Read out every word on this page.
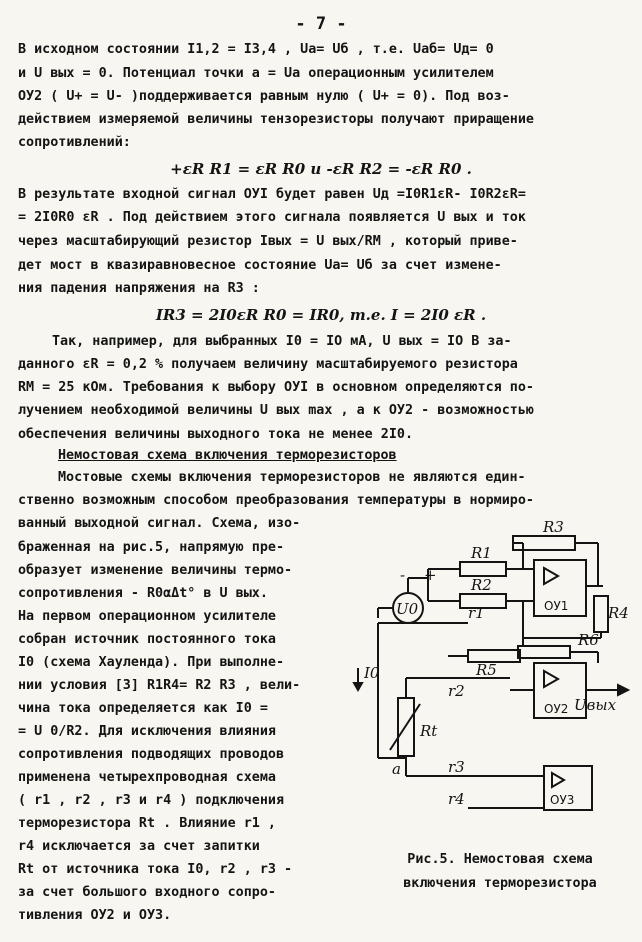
- 7 -
В исходном состоянии I1,2 = I3,4 , Ua= Uб , т.е. Uaб= Uд= 0
и U вых = 0. Потенциал точки a = Ua операционным усилителем
ОУ2 ( U+ = U- )поддерживается равным нулю ( U+ = 0). Под воз-
действием измеряемой величины тензорезисторы получают приращение
сопротивлений:
+εR R1 = εR R0 и -εR R2 = -εR R0 .
В результате входной сигнал ОУI будет равен Uд =I0R1εR- I0R2εR=
= 2I0R0 εR . Под действием этого сигнала появляется U вых и ток
через масштабирующий резистор Iвых = U вых/RM , который приве-
дет мост в квазиравновесное состояние Ua= Uб за счет измене-
ния падения напряжения на R3 :
IR3 = 2I0εR R0 = IR0, т.е. I = 2I0 εR .
Так, например, для выбранных I0 = IO мА, U вых = IO В за-
данного εR = 0,2 % получаем величину масштабируемого резистора
RM = 25 кОм. Требования к выбору ОУI в основном определяются по-
лучением необходимой величины U вых max , а к ОУ2 - возможностью
обеспечения величины выходного тока не менее 2I0.
Немостовая схема включения терморезисторов
Мостовые схемы включения терморезисторов не являются един-
ственно возможным способом преобразования температуры в нормиро-
ванный выходной сигнал. Схема, изо-
браженная на рис.5, напрямую пре-
образует изменение величины термо-
сопротивления - R0αΔt° в U вых.
На первом операционном усилителе
собран источник постоянного тока
I0 (схема Хауленда). При выполне-
нии условия [3] R1R4= R2 R3 , вели-
чина тока определяется как I0 =
= U 0/R2. Для исключения влияния
сопротивления подводящих проводов
применена четырехпроводная схема
( r1 , r2 , r3 и r4 ) подключения
терморезистора Rt . Влияние r1 ,
r4 исключается за счет запитки
Rt от источника тока I0, r2 , r3 -
за счет большого входного сопро-
тивления ОУ2 и ОУЗ.
R3
R1
R2
R4
R6
R5
r1
r2
r3
r4
U0	ОУ1
ОУ2
ОУ3
I0
Rt
a
Uвых
- +
Рис.5. Немостовая схема
включения терморезистора
